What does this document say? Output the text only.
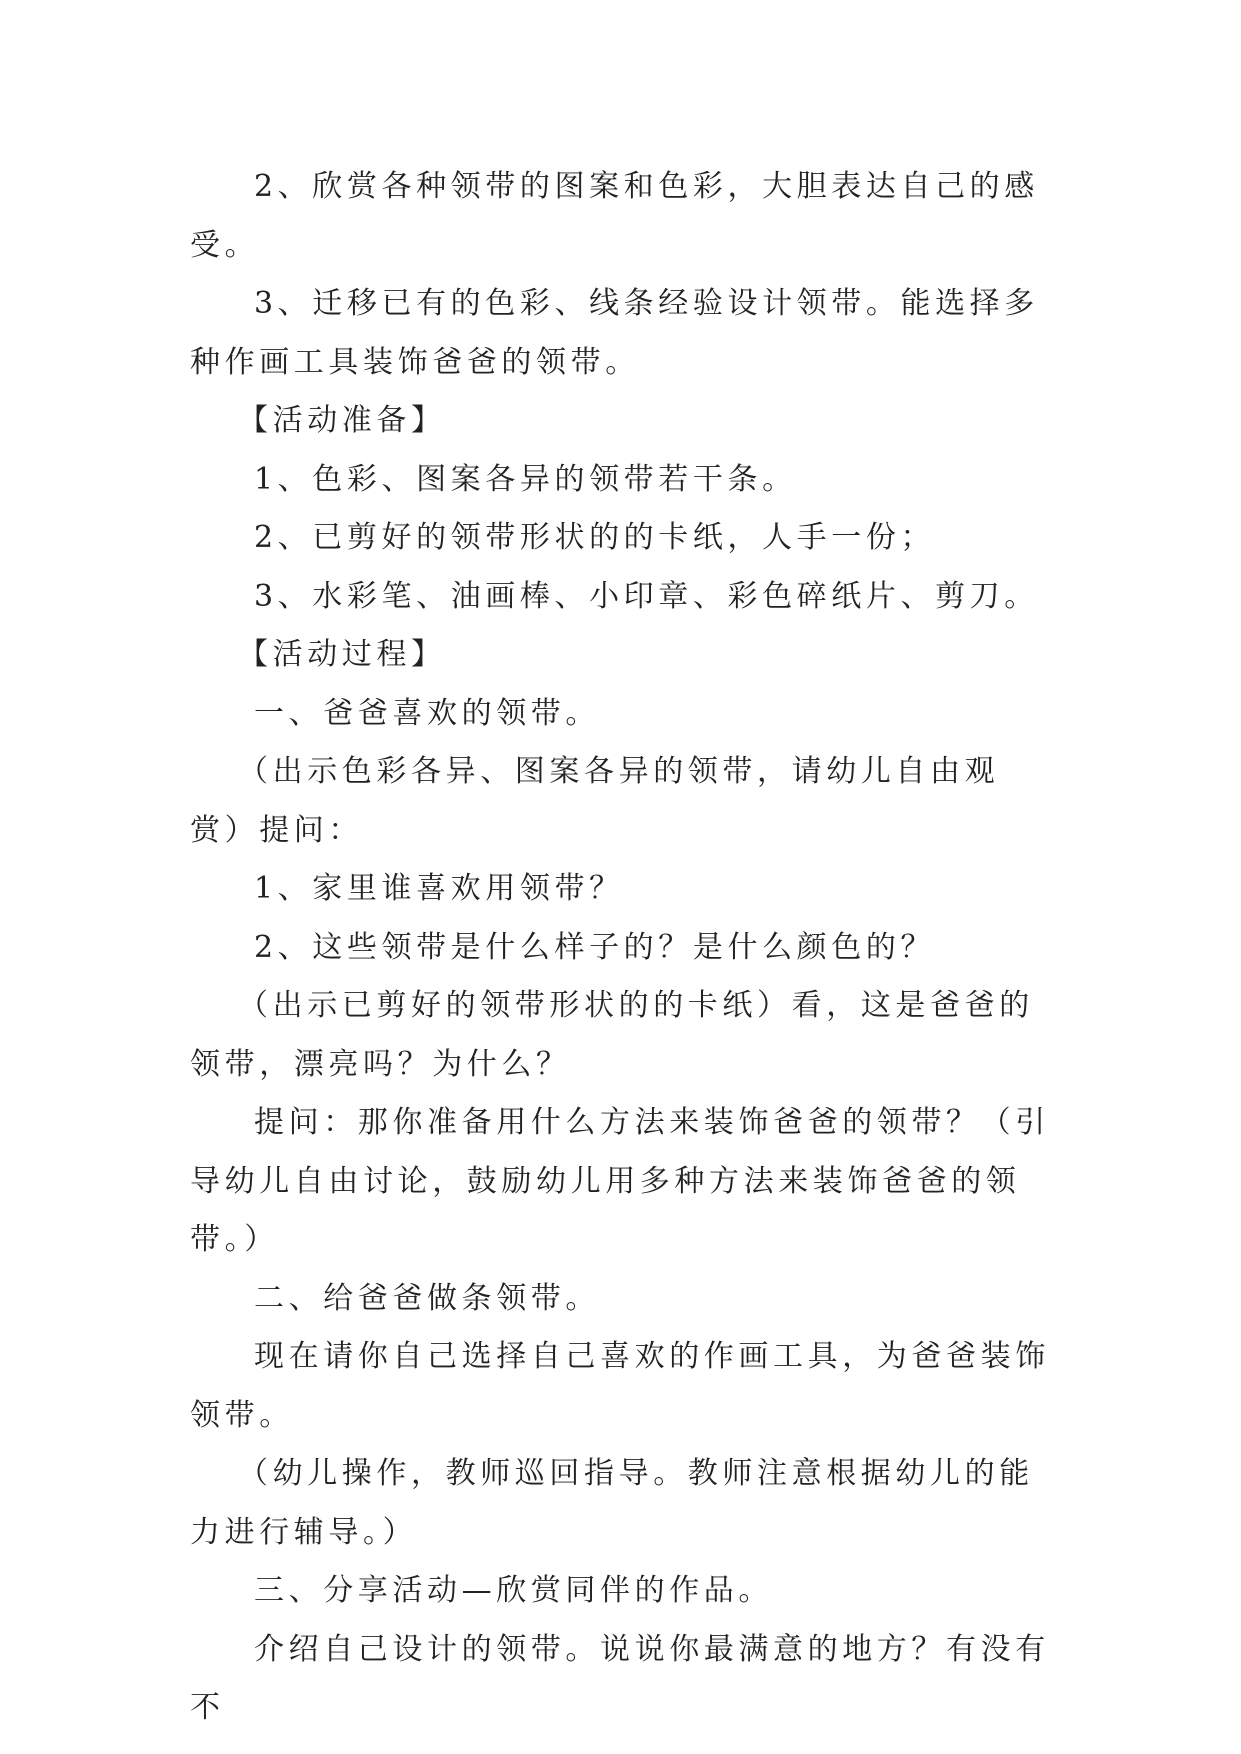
2、欣赏各种领带的图案和色彩，大胆表达自己的感受。

3、迁移已有的色彩、线条经验设计领带。能选择多种作画工具装饰爸爸的领带。

【活动准备】

1、色彩、图案各异的领带若干条。

2、已剪好的领带形状的的卡纸，人手一份；

3、水彩笔、油画棒、小印章、彩色碎纸片、剪刀。

【活动过程】

一、爸爸喜欢的领带。

（出示色彩各异、图案各异的领带，请幼儿自由观赏）提问：

1、家里谁喜欢用领带？

2、这些领带是什么样子的？是什么颜色的？

（出示已剪好的领带形状的的卡纸）看，这是爸爸的领带，漂亮吗？为什么？

提问：那你准备用什么方法来装饰爸爸的领带？（引导幼儿自由讨论，鼓励幼儿用多种方法来装饰爸爸的领带。）

二、给爸爸做条领带。

现在请你自己选择自己喜欢的作画工具，为爸爸装饰领带。

（幼儿操作，教师巡回指导。教师注意根据幼儿的能力进行辅导。）

三、分享活动—欣赏同伴的作品。

介绍自己设计的领带。说说你最满意的地方？有没有不
